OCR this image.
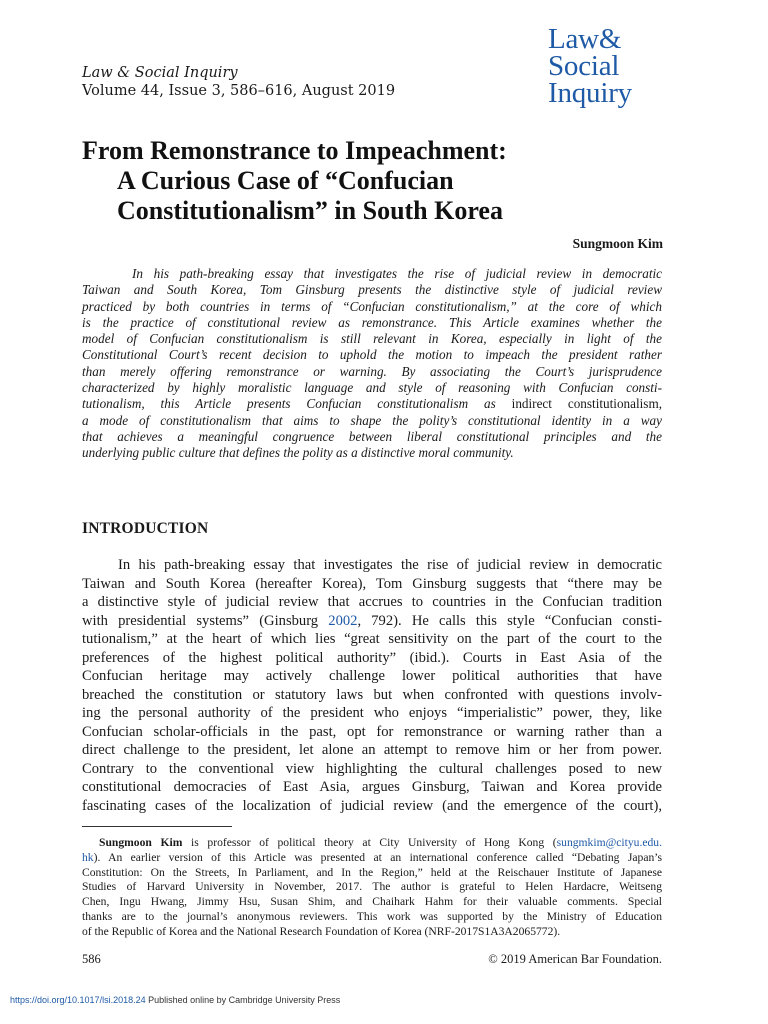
Law & Social Inquiry
Volume 44, Issue 3, 586–616, August 2019
Law&
Social
Inquiry
From Remonstrance to Impeachment:
A Curious Case of “Confucian
Constitutionalism” in South Korea
Sungmoon Kim
In his path-breaking essay that investigates the rise of judicial review in democratic
Taiwan and South Korea, Tom Ginsburg presents the distinctive style of judicial review
practiced by both countries in terms of “Confucian constitutionalism,” at the core of which
is the practice of constitutional review as remonstrance. This Article examines whether the
model of Confucian constitutionalism is still relevant in Korea, especially in light of the
Constitutional Court’s recent decision to uphold the motion to impeach the president rather
than merely offering remonstrance or warning. By associating the Court’s jurisprudence
characterized by highly moralistic language and style of reasoning with Confucian consti-
tutionalism, this Article presents Confucian constitutionalism as indirect constitutionalism,
a mode of constitutionalism that aims to shape the polity’s constitutional identity in a way
that achieves a meaningful congruence between liberal constitutional principles and the
underlying public culture that defines the polity as a distinctive moral community.
INTRODUCTION
In his path-breaking essay that investigates the rise of judicial review in democratic
Taiwan and South Korea (hereafter Korea), Tom Ginsburg suggests that “there may be
a distinctive style of judicial review that accrues to countries in the Confucian tradition
with presidential systems” (Ginsburg 2002, 792). He calls this style “Confucian consti-
tutionalism,” at the heart of which lies “great sensitivity on the part of the court to the
preferences of the highest political authority” (ibid.). Courts in East Asia of the
Confucian heritage may actively challenge lower political authorities that have
breached the constitution or statutory laws but when confronted with questions involv-
ing the personal authority of the president who enjoys “imperialistic” power, they, like
Confucian scholar-officials in the past, opt for remonstrance or warning rather than a
direct challenge to the president, let alone an attempt to remove him or her from power.
Contrary to the conventional view highlighting the cultural challenges posed to new
constitutional democracies of East Asia, argues Ginsburg, Taiwan and Korea provide
fascinating cases of the localization of judicial review (and the emergence of the court),
Sungmoon Kim is professor of political theory at City University of Hong Kong (sungmkim@cityu.edu.
hk). An earlier version of this Article was presented at an international conference called “Debating Japan’s
Constitution: On the Streets, In Parliament, and In the Region,” held at the Reischauer Institute of Japanese
Studies of Harvard University in November, 2017. The author is grateful to Helen Hardacre, Weitseng
Chen, Ingu Hwang, Jimmy Hsu, Susan Shim, and Chaihark Hahm for their valuable comments. Special
thanks are to the journal’s anonymous reviewers. This work was supported by the Ministry of Education
of the Republic of Korea and the National Research Foundation of Korea (NRF-2017S1A3A2065772).
586	© 2019 American Bar Foundation.
https://doi.org/10.1017/lsi.2018.24 Published online by Cambridge University Press
